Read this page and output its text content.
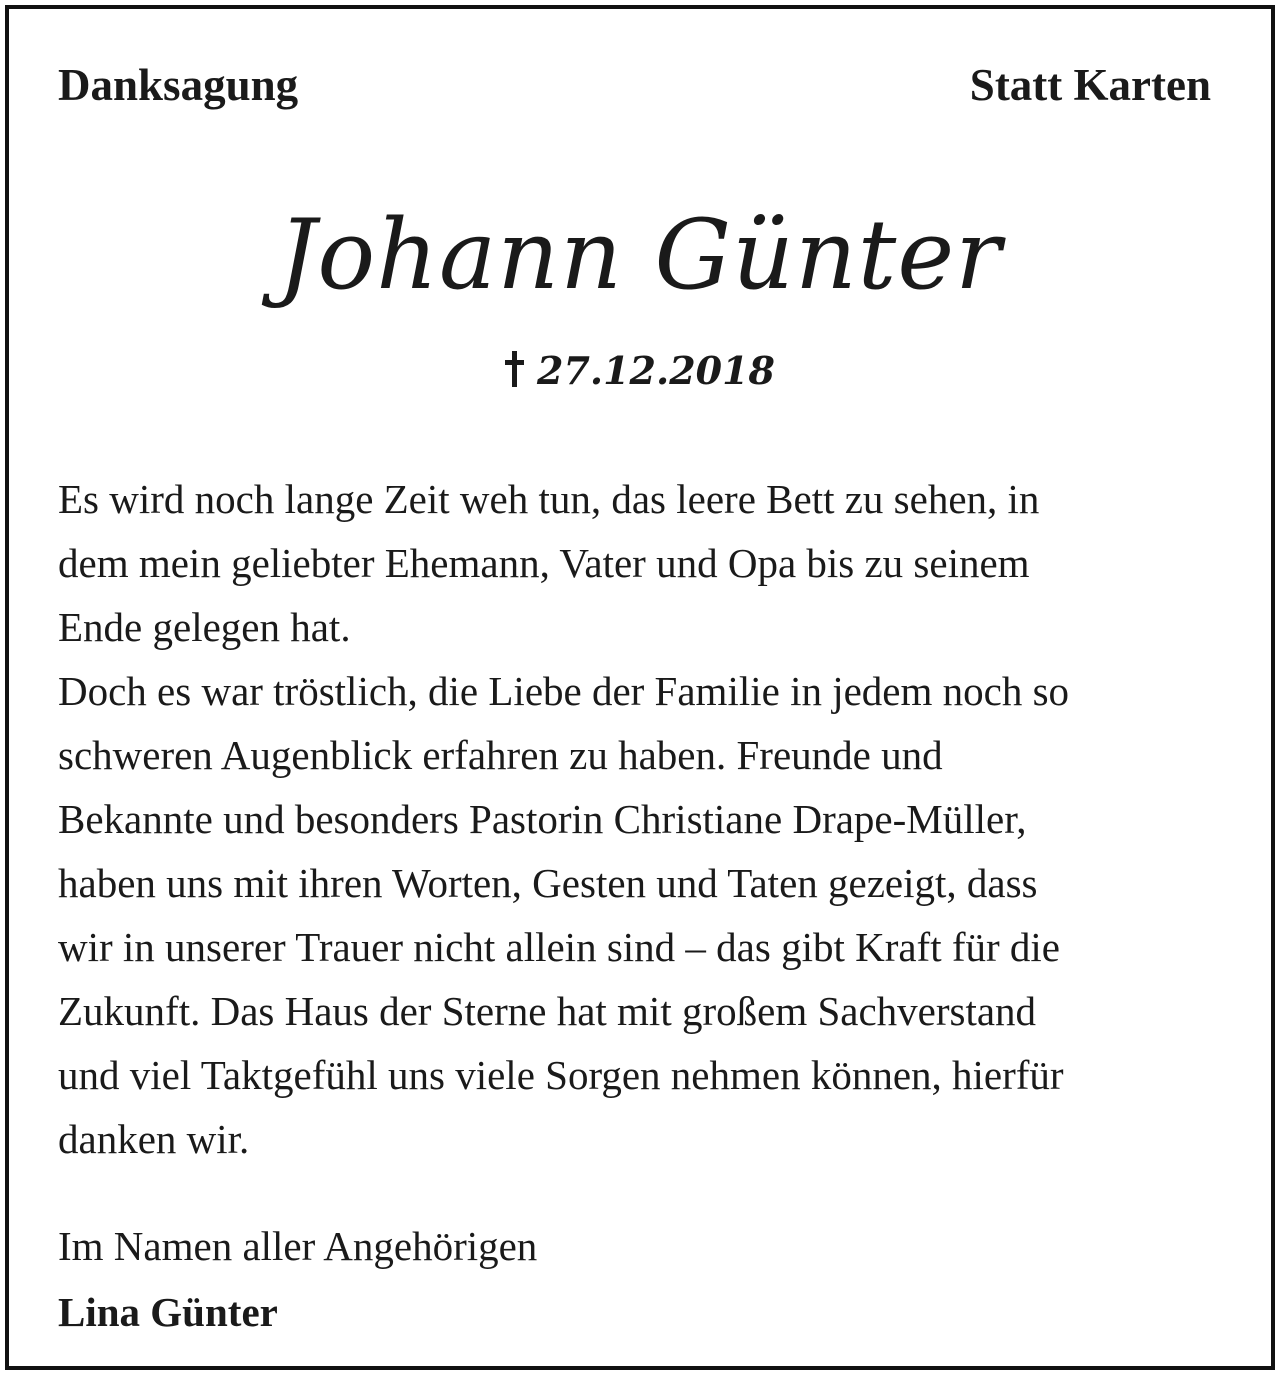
Danksagung	Statt Karten
Johann Günter
27.12.2018
Es wird noch lange Zeit weh tun, das leere Bett zu sehen, in
dem mein geliebter Ehemann, Vater und Opa bis zu seinem
Ende gelegen hat.
Doch es war tröstlich, die Liebe der Familie in jedem noch so
schweren Augenblick erfahren zu haben. Freunde und
Bekannte und besonders Pastorin Christiane Drape-Müller,
haben uns mit ihren Worten, Gesten und Taten gezeigt, dass
wir in unserer Trauer nicht allein sind – das gibt Kraft für die
Zukunft. Das Haus der Sterne hat mit großem Sachverstand
und viel Taktgefühl uns viele Sorgen nehmen können, hierfür
danken wir.
Im Namen aller Angehörigen
Lina Günter
